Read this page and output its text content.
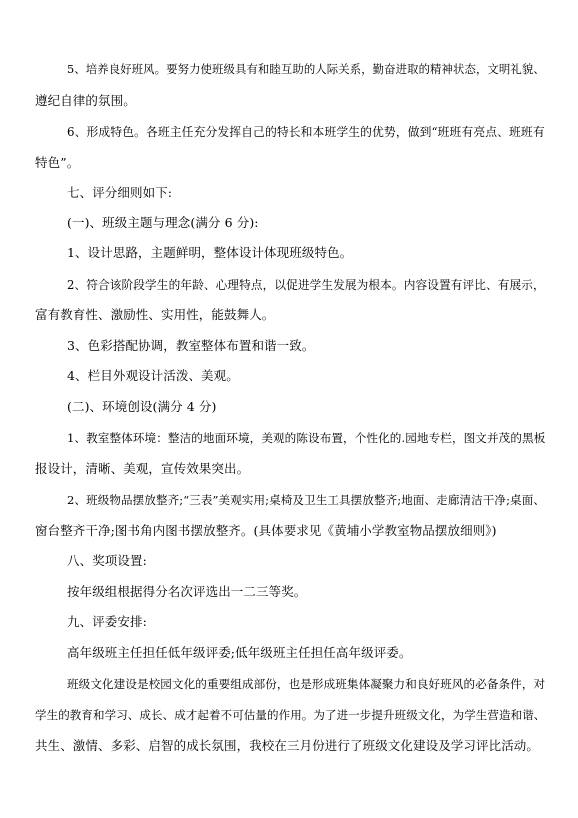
5、培养良好班风。要努力使班级具有和睦互助的人际关系，勤奋进取的精神状态，文明礼貌、
遵纪自律的氛围。
6、形成特色。各班主任充分发挥自己的特长和本班学生的优势，做到“班班有亮点、班班有
特色”。
七、评分细则如下:
(一)、班级主题与理念(满分 6 分):
1、设计思路，主题鲜明，整体设计体现班级特色。
2、符合该阶段学生的年龄、心理特点，以促进学生发展为根本。内容设置有评比、有展示，
富有教育性、激励性、实用性，能鼓舞人。
3、色彩搭配协调，教室整体布置和谐一致。
4、栏目外观设计活泼、美观。
(二)、环境创设(满分 4 分)
1、教室整体环境：整洁的地面环境，美观的陈设布置，个性化的.园地专栏，图文并茂的黑板
报设计，清晰、美观，宣传效果突出。
2、班级物品摆放整齐;“三表”美观实用;桌椅及卫生工具摆放整齐;地面、走廊清洁干净;桌面、
窗台整齐干净;图书角内图书摆放整齐。(具体要求见《黄埔小学教室物品摆放细则》)
八、奖项设置:
按年级组根据得分名次评选出一二三等奖。
九、评委安排:
高年级班主任担任低年级评委;低年级班主任担任高年级评委。
班级文化建设是校园文化的重要组成部份，也是形成班集体凝聚力和良好班风的必备条件，对
学生的教育和学习、成长、成才起着不可估量的作用。为了进一步提升班级文化，为学生营造和谐、
共生、激情、多彩、启智的成长氛围，我校在三月份进行了班级文化建设及学习评比活动。
